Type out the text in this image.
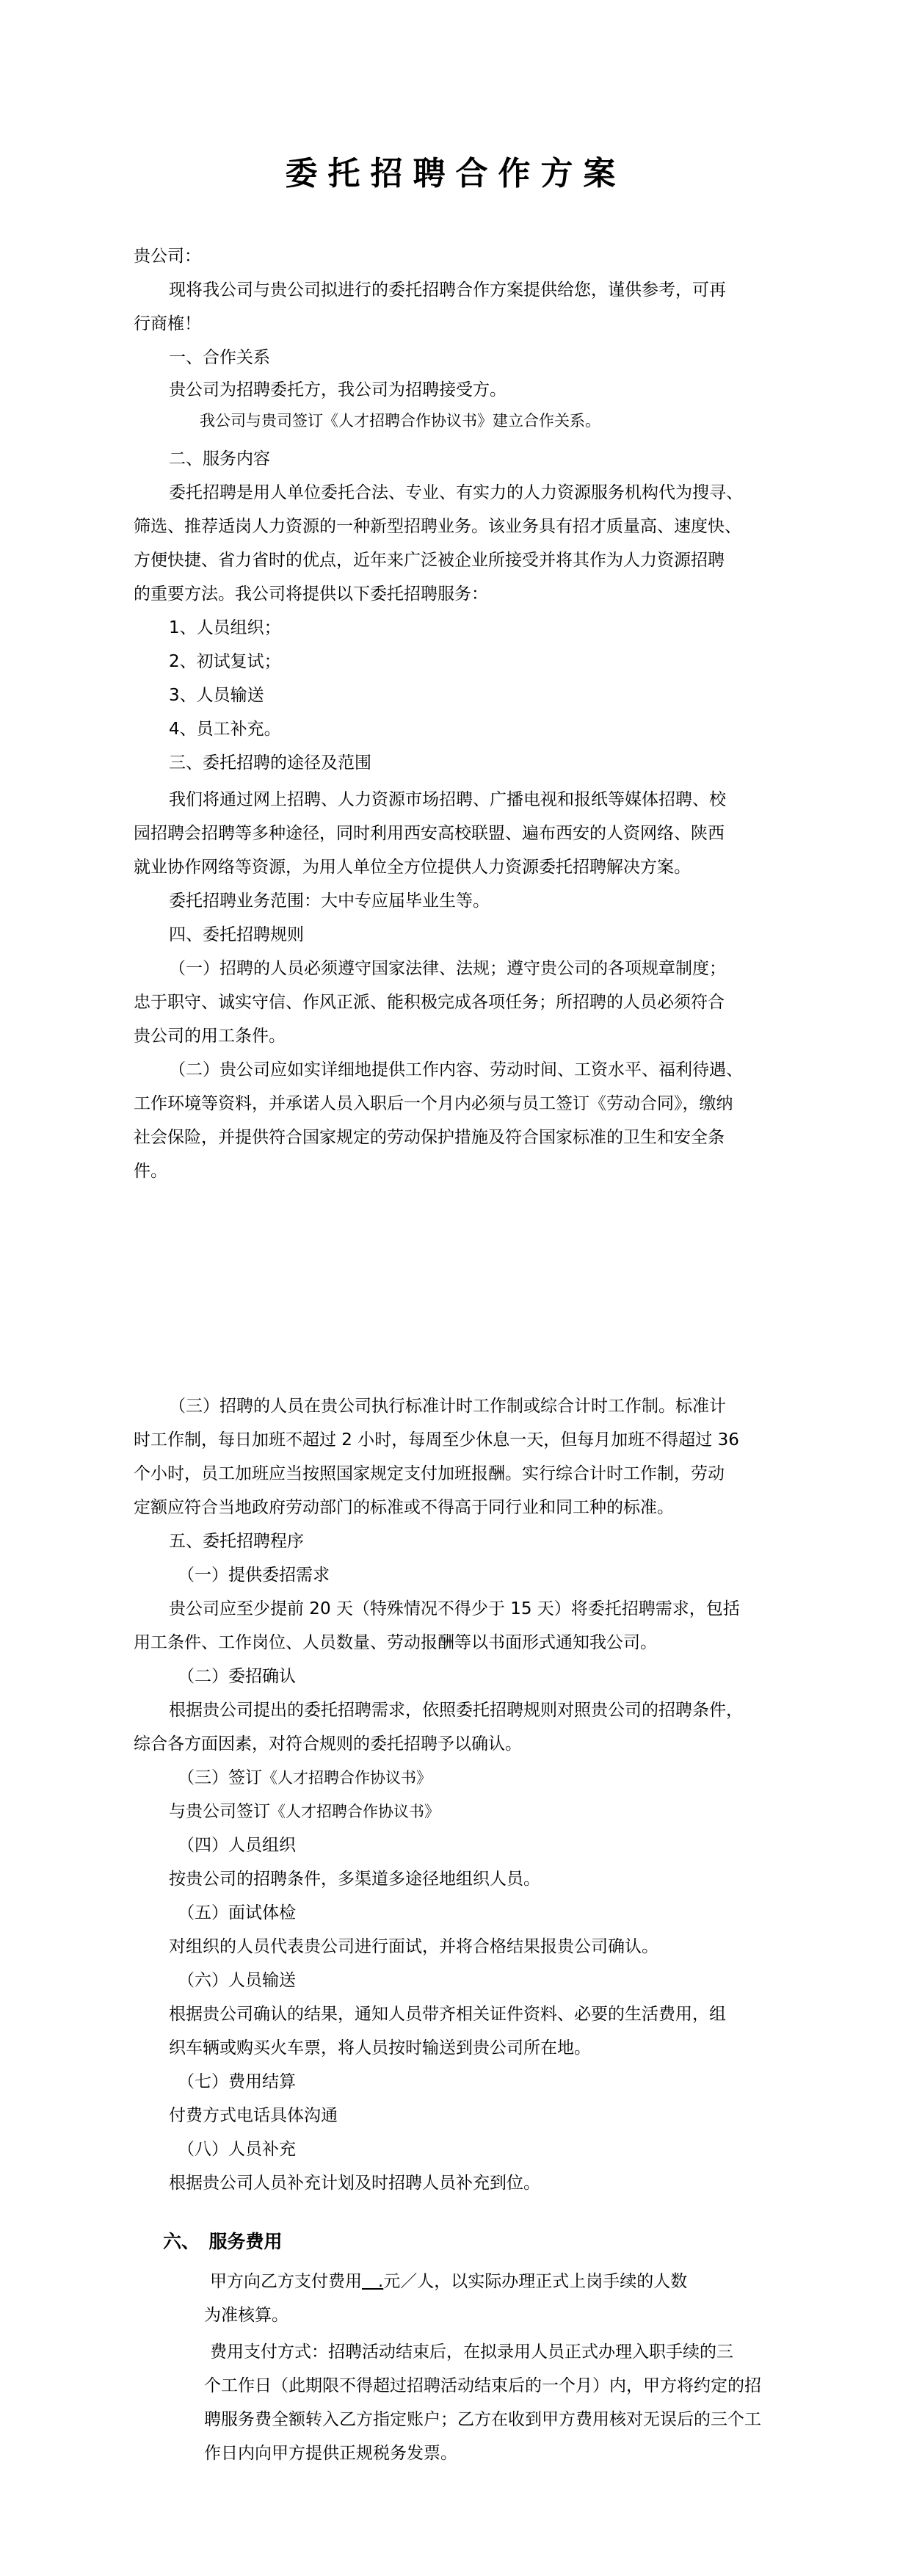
委托招聘合作方案
贵公司：
现将我公司与贵公司拟进行的委托招聘合作方案提供给您，谨供参考，可再
行商榷！
一、合作关系
贵公司为招聘委托方，我公司为招聘接受方。
我公司与贵司签订《人才招聘合作协议书》建立合作关系。
二、服务内容
委托招聘是用人单位委托合法、专业、有实力的人力资源服务机构代为搜寻、
筛选、推荐适岗人力资源的一种新型招聘业务。该业务具有招才质量高、速度快、
方便快捷、省力省时的优点，近年来广泛被企业所接受并将其作为人力资源招聘
的重要方法。我公司将提供以下委托招聘服务：
1、人员组织；
2、初试复试；
3、人员输送
4、员工补充。
三、委托招聘的途径及范围
我们将通过网上招聘、人力资源市场招聘、广播电视和报纸等媒体招聘、校
园招聘会招聘等多种途径，同时利用西安高校联盟、遍布西安的人资网络、陕西
就业协作网络等资源，为用人单位全方位提供人力资源委托招聘解决方案。
委托招聘业务范围：大中专应届毕业生等。
四、委托招聘规则
（一）招聘的人员必须遵守国家法律、法规；遵守贵公司的各项规章制度；
忠于职守、诚实守信、作风正派、能积极完成各项任务；所招聘的人员必须符合
贵公司的用工条件。
（二）贵公司应如实详细地提供工作内容、劳动时间、工资水平、福利待遇、
工作环境等资料，并承诺人员入职后一个月内必须与员工签订《劳动合同》，缴纳
社会保险，并提供符合国家规定的劳动保护措施及符合国家标准的卫生和安全条
件。
（三）招聘的人员在贵公司执行标准计时工作制或综合计时工作制。标准计
时工作制，每日加班不超过 2 小时，每周至少休息一天，但每月加班不得超过 36
个小时，员工加班应当按照国家规定支付加班报酬。实行综合计时工作制，劳动
定额应符合当地政府劳动部门的标准或不得高于同行业和同工种的标准。
五、委托招聘程序
（一）提供委招需求
贵公司应至少提前 20 天（特殊情况不得少于 15 天）将委托招聘需求，包括
用工条件、工作岗位、人员数量、劳动报酬等以书面形式通知我公司。
（二）委招确认
根据贵公司提出的委托招聘需求，依照委托招聘规则对照贵公司的招聘条件，
综合各方面因素，对符合规则的委托招聘予以确认。
（三）签订《人才招聘合作协议书》
与贵公司签订《人才招聘合作协议书》
（四）人员组织
按贵公司的招聘条件，多渠道多途径地组织人员。
（五）面试体检
对组织的人员代表贵公司进行面试，并将合格结果报贵公司确认。
（六）人员输送
根据贵公司确认的结果，通知人员带齐相关证件资料、必要的生活费用，组
织车辆或购买火车票，将人员按时输送到贵公司所在地。
（七）费用结算
付费方式电话具体沟通
（八）人员补充
根据贵公司人员补充计划及时招聘人员补充到位。
六、  服务费用
甲方向乙方支付费用   .元／人，以实际办理正式上岗手续的人数
为准核算。
费用支付方式：招聘活动结束后，在拟录用人员正式办理入职手续的三
个工作日（此期限不得超过招聘活动结束后的一个月）内，甲方将约定的招
聘服务费全额转入乙方指定账户；乙方在收到甲方费用核对无误后的三个工
作日内向甲方提供正规税务发票。
